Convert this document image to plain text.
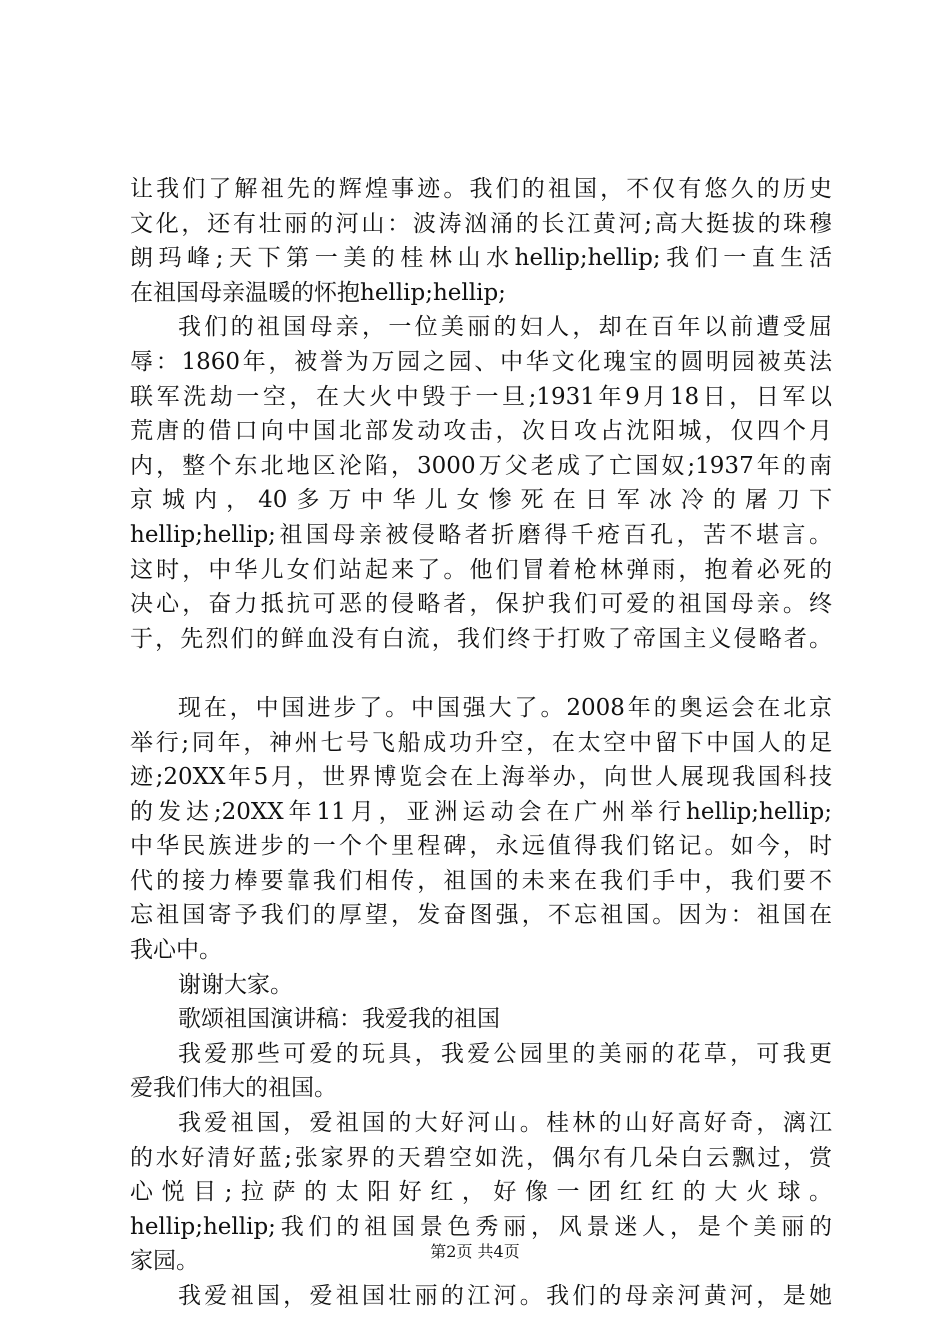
让我们了解祖先的辉煌事迹。我们的祖国，不仅有悠久的历史
文化，还有壮丽的河山：波涛汹涌的长江黄河;高大挺拔的珠穆
朗玛峰;天下第一美的桂林山水hellip;hellip;我们一直生活
在祖国母亲温暖的怀抱hellip;hellip;
我们的祖国母亲，一位美丽的妇人，却在百年以前遭受屈
辱：1860年，被誉为万园之园、中华文化瑰宝的圆明园被英法
联军洗劫一空，在大火中毁于一旦;1931年9月18日，日军以
荒唐的借口向中国北部发动攻击，次日攻占沈阳城，仅四个月
内，整个东北地区沦陷，3000万父老成了亡国奴;1937年的南
京城内，40多万中华儿女惨死在日军冰冷的屠刀下
hellip;hellip;祖国母亲被侵略者折磨得千疮百孔，苦不堪言。
这时，中华儿女们站起来了。他们冒着枪林弹雨，抱着必死的
决心，奋力抵抗可恶的侵略者，保护我们可爱的祖国母亲。终
于，先烈们的鲜血没有白流，我们终于打败了帝国主义侵略者。
现在，中国进步了。中国强大了。2008年的奥运会在北京
举行;同年，神州七号飞船成功升空，在太空中留下中国人的足
迹;20XX年5月，世界博览会在上海举办，向世人展现我国科技
的发达;20XX年11月，亚洲运动会在广州举行hellip;hellip;
中华民族进步的一个个里程碑，永远值得我们铭记。如今，时
代的接力棒要靠我们相传，祖国的未来在我们手中，我们要不
忘祖国寄予我们的厚望，发奋图强，不忘祖国。因为：祖国在
我心中。
谢谢大家。
歌颂祖国演讲稿：我爱我的祖国
我爱那些可爱的玩具，我爱公园里的美丽的花草，可我更
爱我们伟大的祖国。
我爱祖国，爱祖国的大好河山。桂林的山好高好奇，漓江
的水好清好蓝;张家界的天碧空如洗，偶尔有几朵白云飘过，赏
心悦目;拉萨的太阳好红，好像一团红红的大火球。
hellip;hellip;我们的祖国景色秀丽，风景迷人，是个美丽的
家园。
我爱祖国，爱祖国壮丽的江河。我们的母亲河黄河，是她
第2页 共4页
